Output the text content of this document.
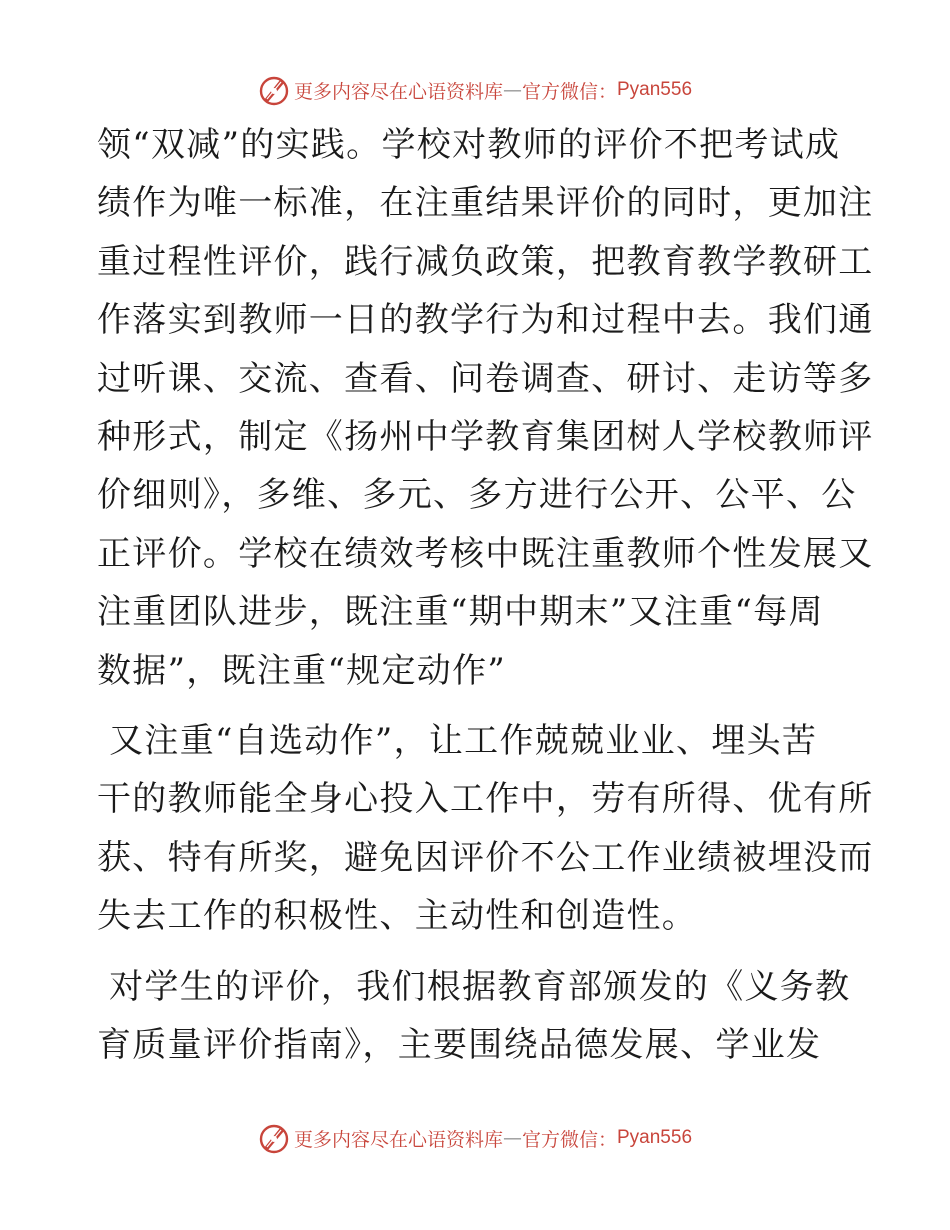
更多内容尽在心语资料库 — 官方微信： Pyan556

领“双减”的实践。学校对教师的评价不把考试成
绩作为唯一标准，在注重结果评价的同时，更加注
重过程性评价，践行减负政策，把教育教学教研工
作落实到教师一日的教学行为和过程中去。我们通
过听课、交流、查看、问卷调查、研讨、走访等多
种形式，制定《扬州中学教育集团树人学校教师评
价细则》，多维、多元、多方进行公开、公平、公
正评价。学校在绩效考核中既注重教师个性发展又
注重团队进步，既注重“期中期末”又注重“每周
数据”，既注重“规定动作”

又注重“自选动作”，让工作兢兢业业、埋头苦
干的教师能全身心投入工作中，劳有所得、优有所
获、特有所奖，避免因评价不公工作业绩被埋没而
失去工作的积极性、主动性和创造性。

对学生的评价，我们根据教育部颁发的《义务教
育质量评价指南》，主要围绕品德发展、学业发

更多内容尽在心语资料库 — 官方微信： Pyan556
